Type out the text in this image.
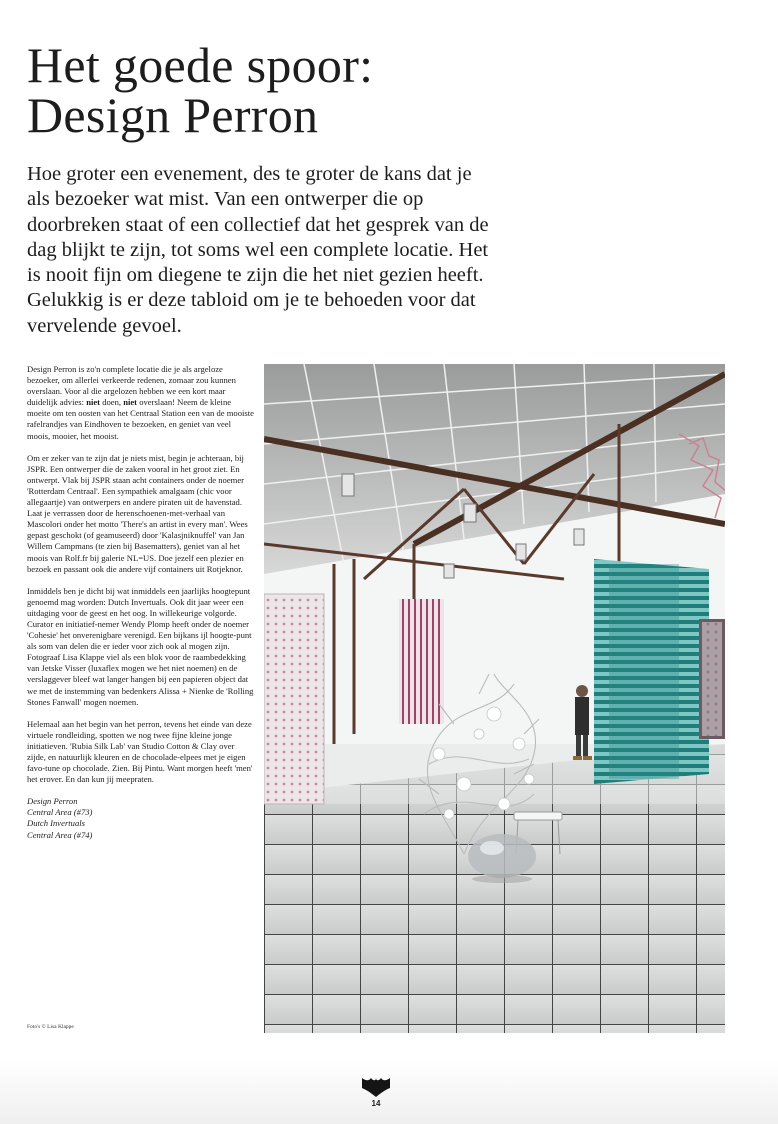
Het goede spoor:
Design Perron

Hoe groter een evenement, des te groter de kans dat je als bezoeker wat mist. Van een ontwerper die op doorbreken staat of een collectief dat het gesprek van de dag blijkt te zijn, tot soms wel een complete locatie. Het is nooit fijn om diegene te zijn die het niet gezien heeft. Gelukkig is er deze tabloid om je te behoeden voor dat vervelende gevoel.

Design Perron is zo'n complete locatie die je als argeloze bezoeker, om allerlei verkeerde redenen, zomaar zou kunnen overslaan. Voor al die argelozen hebben we een kort maar duidelijk advies: niet doen, niet overslaan! Neem de kleine moeite om ten oosten van het Centraal Station een van de mooiste rafelrandjes van Eindhoven te bezoeken, en geniet van veel moois, mooier, het mooist.

Om er zeker van te zijn dat je niets mist, begin je achteraan, bij JSPR. Een ontwerper die de zaken vooral in het groot ziet. En ontwerpt. Vlak bij JSPR staan acht containers onder de noemer 'Rotterdam Centraal'. Een sympathiek amalgaam (chic voor allegaartje) van ontwerpers en andere piraten uit de havenstad. Laat je verrassen door de herenschoenen-met-verhaal van Mascolori onder het motto 'There's an artist in every man'. Wees gepast geschokt (of geamuseerd) door 'Kalasjniknuffel' van Jan Willem Campmans (te zien bij Basematters), geniet van al het moois van Rolf.fr bij galerie NL=US. Doe jezelf een plezier en bezoek en passant ook die andere vijf containers uit Rotjeknor.

Inmiddels ben je dicht bij wat inmiddels een jaarlijks hoogtepunt genoemd mag worden: Dutch Invertuals. Ook dit jaar weer een uitdaging voor de geest en het oog. In willekeurige volgorde. Curator en initiatief-nemer Wendy Plomp heeft onder de noemer 'Cohesie' het onverenigbare verenigd. Een bijkans ijl hoogte-punt als som van delen die er ieder voor zich ook al mogen zijn. Fotograaf Lisa Klappe viel als een blok voor de raambedekking van Jetske Visser (luxaflex mogen we het niet noemen) en de verslaggever bleef wat langer hangen bij een papieren object dat we met de instemming van bedenkers Alissa + Nienke de 'Rolling Stones Fanwall' mogen noemen.

Helemaal aan het begin van het perron, tevens het einde van deze virtuele rondleiding, spotten we nog twee fijne kleine jonge initiatieven. 'Rubia Silk Lab' van Studio Cotton & Clay over zijde, en natuurlijk kleuren en de chocolade-elpees met je eigen favo-tune op chocolade. Zien. Bij Pintu. Want morgen heeft 'men' het erover. En dan kun jij meepraten.

Design Perron
Central Area (#73)
Dutch Invertuals
Central Area (#74)
Foto's © Lisa Klappe
14
